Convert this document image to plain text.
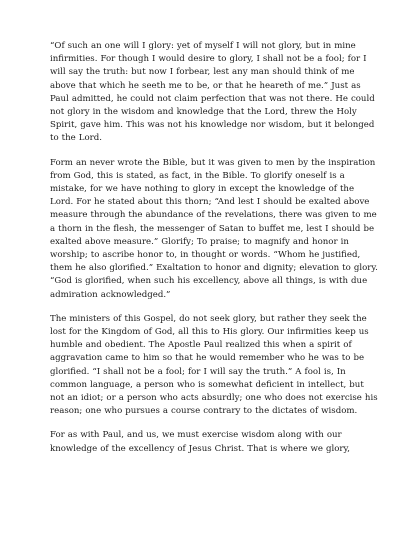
“Of such an one will I glory: yet of myself I will not glory, but in mine infirmities. For though I would desire to glory, I shall not be a fool; for I will say the truth: but now I forbear, lest any man should think of me above that which he seeth me to be, or that he heareth of me.” Just as Paul admitted, he could not claim perfection that was not there. He could not glory in the wisdom and knowledge that the Lord, threw the Holy Spirit, gave him. This was not his knowledge nor wisdom, but it belonged to the Lord.

Form an never wrote the Bible, but it was given to men by the inspiration from God, this is stated, as fact, in the Bible. To glorify oneself is a mistake, for we have nothing to glory in except the knowledge of the Lord. For he stated about this thorn; “And lest I should be exalted above measure through the abundance of the revelations, there was given to me a thorn in the flesh, the messenger of Satan to buffet me, lest I should be exalted above measure.” Glorify; To praise; to magnify and honor in worship; to ascribe honor to, in thought or words. “Whom he justified, them he also glorified.” Exaltation to honor and dignity; elevation to glory. “God is glorified, when such his excellency, above all things, is with due admiration acknowledged.”

The ministers of this Gospel, do not seek glory, but rather they seek the lost for the Kingdom of God, all this to His glory. Our infirmities keep us humble and obedient. The Apostle Paul realized this when a spirit of aggravation came to him so that he would remember who he was to be glorified. “I shall not be a fool; for I will say the truth.” A fool is, In common language, a person who is somewhat deficient in intellect, but not an idiot; or a person who acts absurdly; one who does not exercise his reason; one who pursues a course contrary to the dictates of wisdom.

For as with Paul, and us, we must exercise wisdom along with our knowledge of the excellency of Jesus Christ. That is where we glory,
